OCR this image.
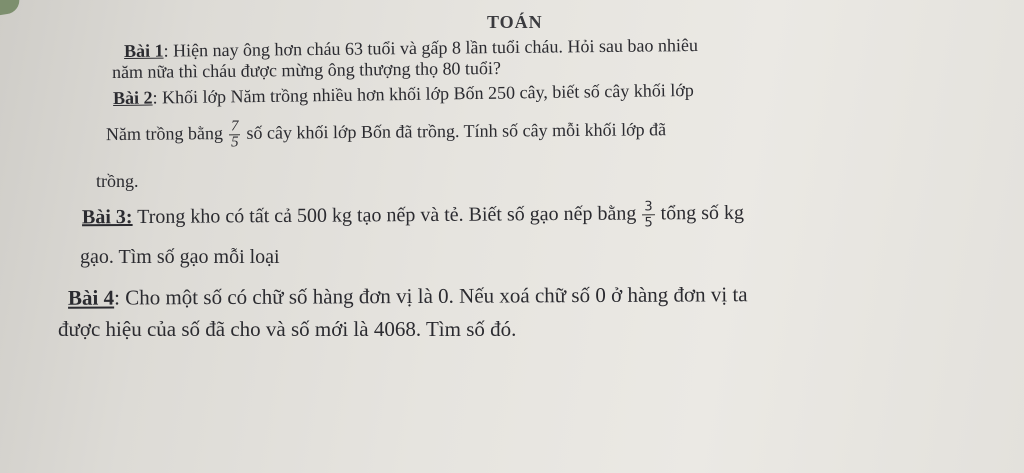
TOÁN
Bài 1: Hiện nay ông hơn cháu 63 tuổi và gấp 8 lần tuổi cháu. Hỏi sau bao nhiêu
năm nữa thì cháu được mừng ông thượng thọ 80 tuổi?
Bài 2: Khối lớp Năm trồng nhiều hơn khối lớp Bốn 250 cây, biết số cây khối lớp
Năm trồng bằng $\frac{7}{5}$ số cây khối lớp Bốn đã trồng. Tính số cây mỗi khối lớp đã
trồng.
Bài 3: Trong kho có tất cả 500 kg tạo nếp và tẻ. Biết số gạo nếp bằng $\frac{3}{5}$ tổng số kg
gạo. Tìm số gạo mỗi loại
Bài 4: Cho một số có chữ số hàng đơn vị là 0. Nếu xoá chữ số 0 ở hàng đơn vị ta
được hiệu của số đã cho và số mới là 4068. Tìm số đó.
